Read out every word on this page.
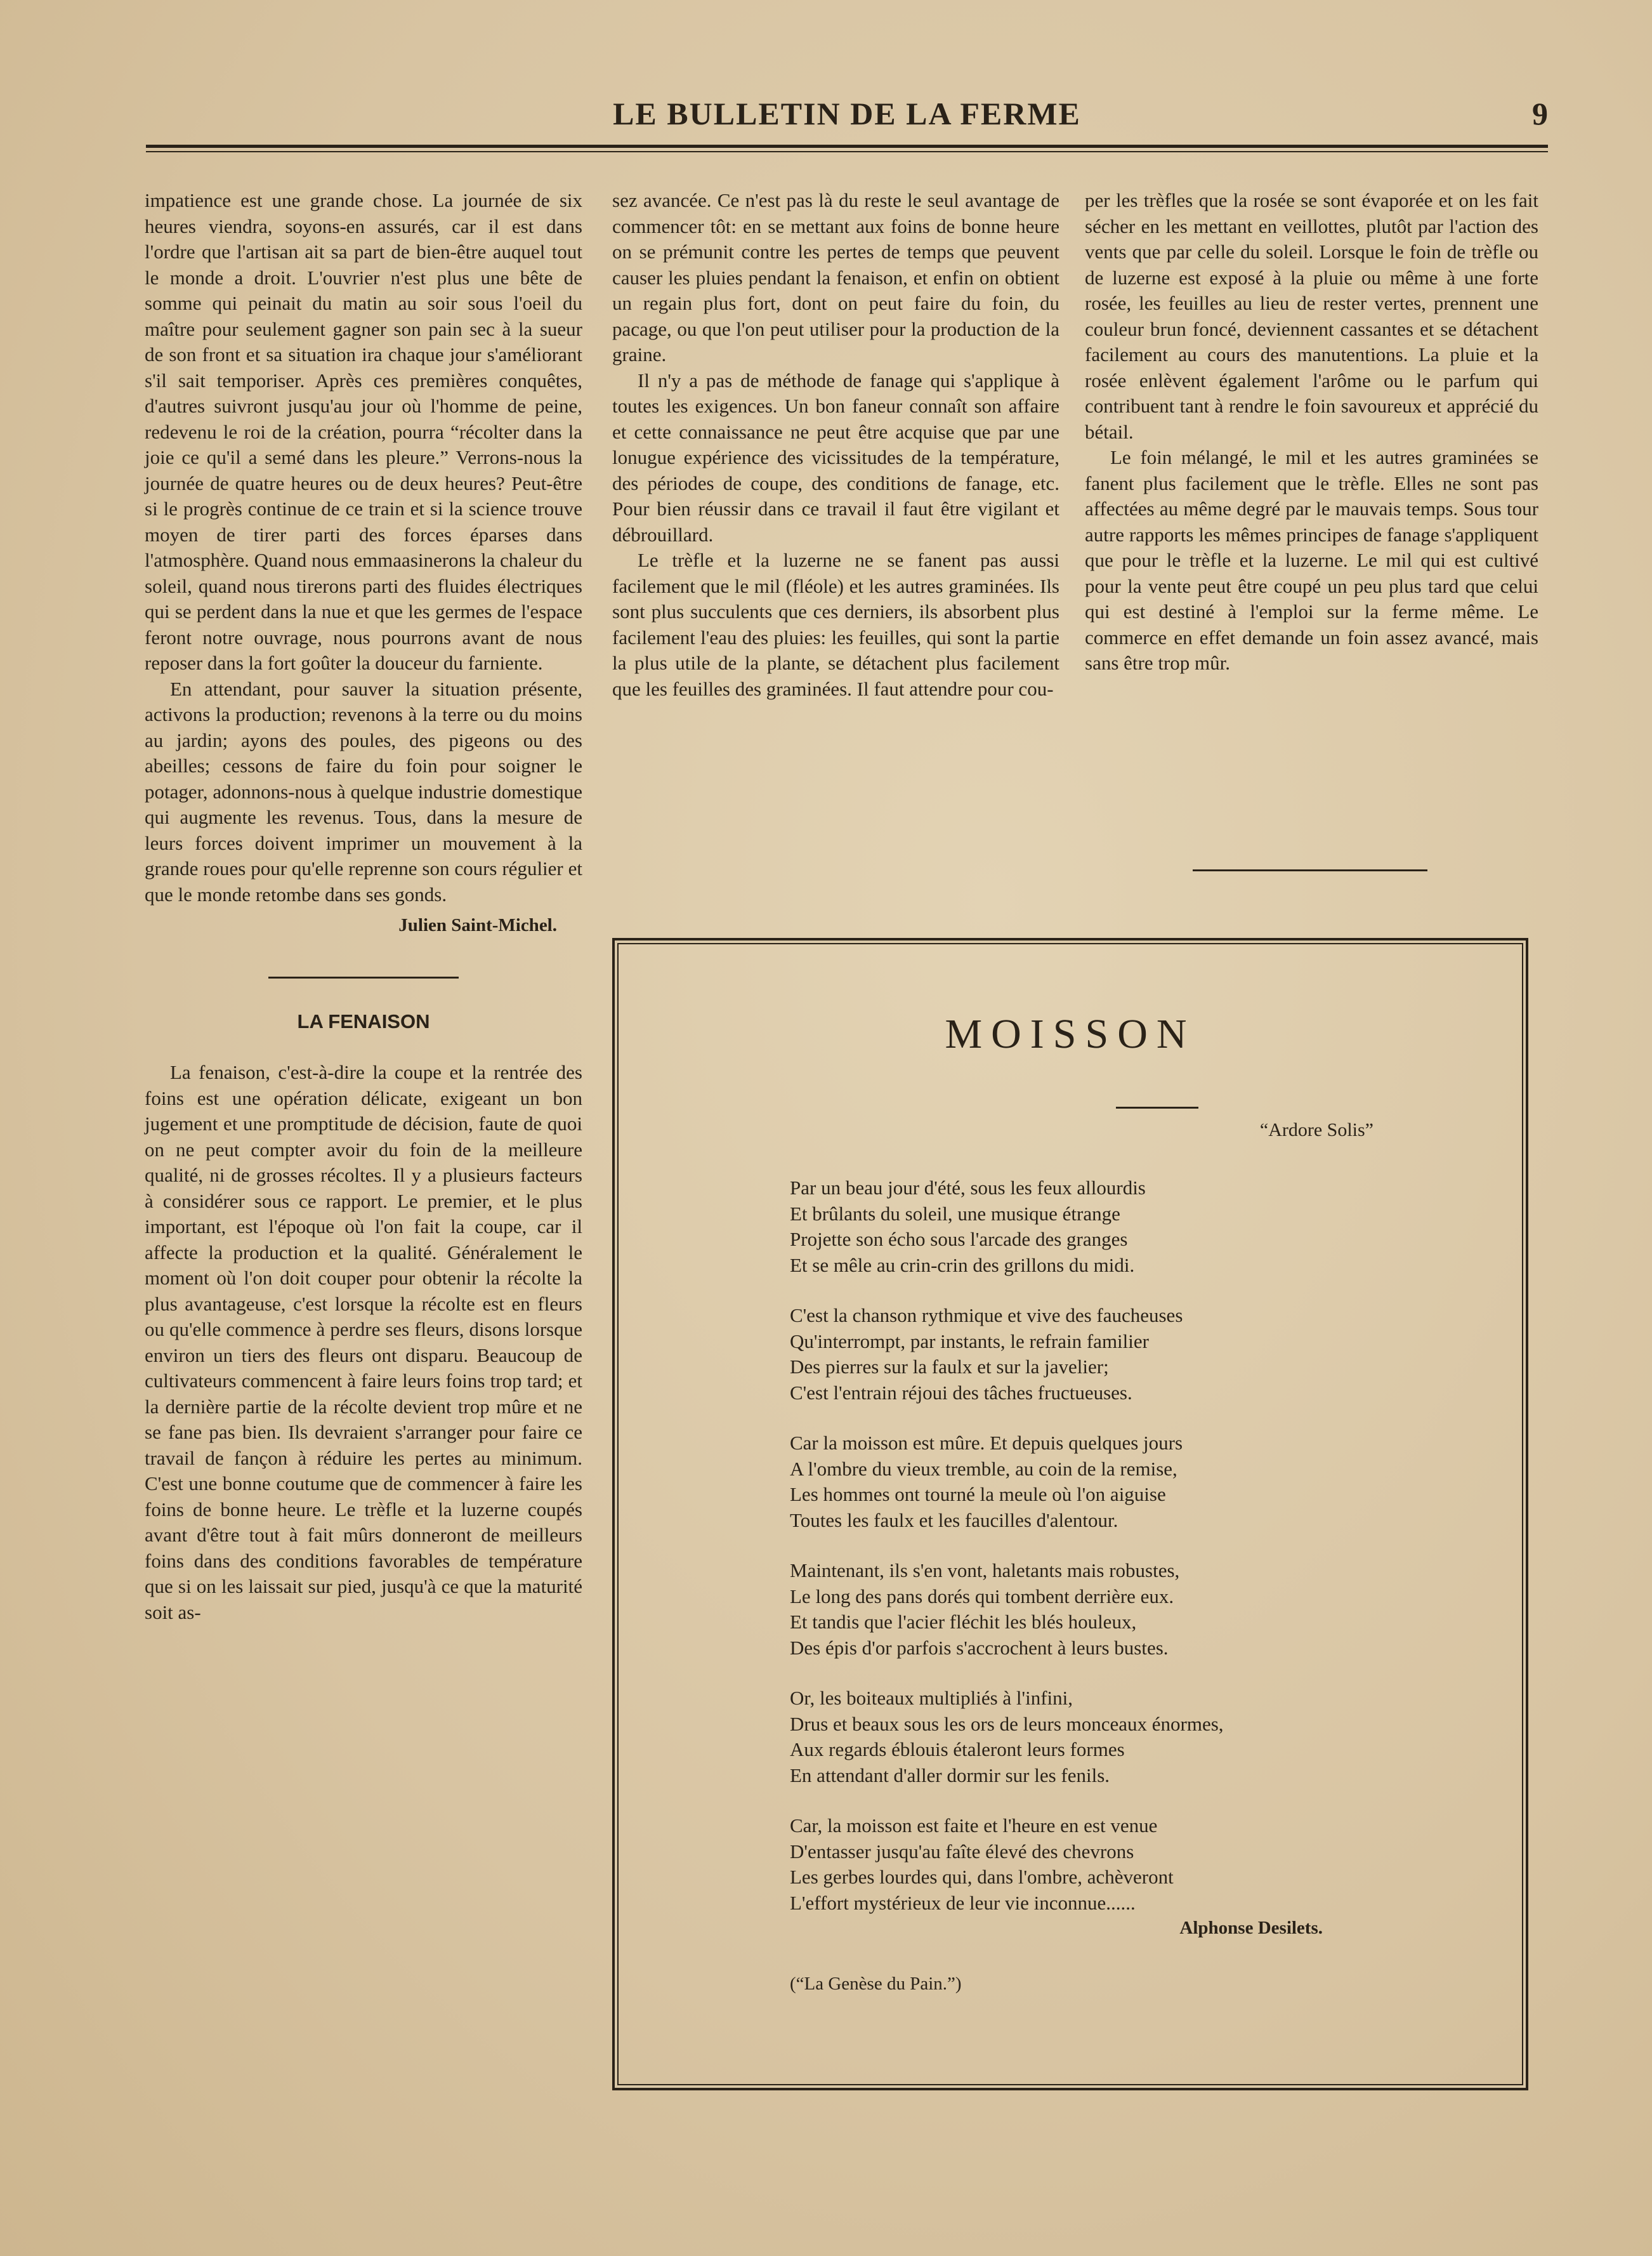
LE BULLETIN DE LA FERME	9

impatience est une grande chose. La journée de six heures viendra, soyons-en assurés, car il est dans l'ordre que l'artisan ait sa part de bien-être auquel tout le monde a droit. L'ouvrier n'est plus une bête de somme qui peinait du matin au soir sous l'oeil du maître pour seulement gagner son pain sec à la sueur de son front et sa situation ira chaque jour s'améliorant s'il sait temporiser. Après ces premières conquêtes, d'autres suivront jusqu'au jour où l'homme de peine, redevenu le roi de la création, pourra “récolter dans la joie ce qu'il a semé dans les pleure.” Verrons-nous la journée de quatre heures ou de deux heures? Peut-être si le progrès continue de ce train et si la science trouve moyen de tirer parti des forces éparses dans l'atmosphère. Quand nous emmaasinerons la chaleur du soleil, quand nous tirerons parti des fluides électriques qui se perdent dans la nue et que les germes de l'espace feront notre ouvrage, nous pourrons avant de nous reposer dans la fort goûter la douceur du farniente.

En attendant, pour sauver la situation présente, activons la production; revenons à la terre ou du moins au jardin; ayons des poules, des pigeons ou des abeilles; cessons de faire du foin pour soigner le potager, adonnons-nous à quelque industrie domestique qui augmente les revenus. Tous, dans la mesure de leurs forces doivent imprimer un mouvement à la grande roues pour qu'elle reprenne son cours régulier et que le monde retombe dans ses gonds.

Julien Saint-Michel.
LA FENAISON

La fenaison, c'est-à-dire la coupe et la rentrée des foins est une opération délicate, exigeant un bon jugement et une promptitude de décision, faute de quoi on ne peut compter avoir du foin de la meilleure qualité, ni de grosses récoltes. Il y a plusieurs facteurs à considérer sous ce rapport. Le premier, et le plus important, est l'époque où l'on fait la coupe, car il affecte la production et la qualité. Généralement le moment où l'on doit couper pour obtenir la récolte la plus avantageuse, c'est lorsque la récolte est en fleurs ou qu'elle commence à perdre ses fleurs, disons lorsque environ un tiers des fleurs ont disparu. Beaucoup de cultivateurs commencent à faire leurs foins trop tard; et la dernière partie de la récolte devient trop mûre et ne se fane pas bien. Ils devraient s'arranger pour faire ce travail de fançon à réduire les pertes au minimum. C'est une bonne coutume que de commencer à faire les foins de bonne heure. Le trèfle et la luzerne coupés avant d'être tout à fait mûrs donneront de meilleurs foins dans des conditions favorables de température que si on les laissait sur pied, jusqu'à ce que la maturité soit as-

sez avancée. Ce n'est pas là du reste le seul avantage de commencer tôt: en se mettant aux foins de bonne heure on se prémunit contre les pertes de temps que peuvent causer les pluies pendant la fenaison, et enfin on obtient un regain plus fort, dont on peut faire du foin, du pacage, ou que l'on peut utiliser pour la production de la graine.

Il n'y a pas de méthode de fanage qui s'applique à toutes les exigences. Un bon faneur connaît son affaire et cette connaissance ne peut être acquise que par une lonugue expérience des vicissitudes de la température, des périodes de coupe, des conditions de fanage, etc. Pour bien réussir dans ce travail il faut être vigilant et débrouillard.

Le trèfle et la luzerne ne se fanent pas aussi facilement que le mil (fléole) et les autres graminées. Ils sont plus succulents que ces derniers, ils absorbent plus facilement l'eau des pluies: les feuilles, qui sont la partie la plus utile de la plante, se détachent plus facilement que les feuilles des graminées. Il faut attendre pour cou-

per les trèfles que la rosée se sont évaporée et on les fait sécher en les mettant en veillottes, plutôt par l'action des vents que par celle du soleil. Lorsque le foin de trèfle ou de luzerne est exposé à la pluie ou même à une forte rosée, les feuilles au lieu de rester vertes, prennent une couleur brun foncé, deviennent cassantes et se détachent facilement au cours des manutentions. La pluie et la rosée enlèvent également l'arôme ou le parfum qui contribuent tant à rendre le foin savoureux et apprécié du bétail.

Le foin mélangé, le mil et les autres graminées se fanent plus facilement que le trèfle. Elles ne sont pas affectées au même degré par le mauvais temps. Sous tour autre rapports les mêmes principes de fanage s'appliquent que pour le trèfle et la luzerne. Le mil qui est cultivé pour la vente peut être coupé un peu plus tard que celui qui est destiné à l'emploi sur la ferme même. Le commerce en effet demande un foin assez avancé, mais sans être trop mûr.

MOISSON
“Ardore Solis”
Par un beau jour d'été, sous les feux allourdis
Et brûlants du soleil, une musique étrange
Projette son écho sous l'arcade des granges
Et se mêle au crin-crin des grillons du midi.
C'est la chanson rythmique et vive des faucheuses
Qu'interrompt, par instants, le refrain familier
Des pierres sur la faulx et sur la javelier;
C'est l'entrain réjoui des tâches fructueuses.
Car la moisson est mûre. Et depuis quelques jours
A l'ombre du vieux tremble, au coin de la remise,
Les hommes ont tourné la meule où l'on aiguise
Toutes les faulx et les faucilles d'alentour.
Maintenant, ils s'en vont, haletants mais robustes,
Le long des pans dorés qui tombent derrière eux.
Et tandis que l'acier fléchit les blés houleux,
Des épis d'or parfois s'accrochent à leurs bustes.
Or, les boiteaux multipliés à l'infini,
Drus et beaux sous les ors de leurs monceaux énormes,
Aux regards éblouis étaleront leurs formes
En attendant d'aller dormir sur les fenils.
Car, la moisson est faite et l'heure en est venue
D'entasser jusqu'au faîte élevé des chevrons
Les gerbes lourdes qui, dans l'ombre, achèveront
L'effort mystérieux de leur vie inconnue......
Alphonse Desilets.
(“La Genèse du Pain.”)
